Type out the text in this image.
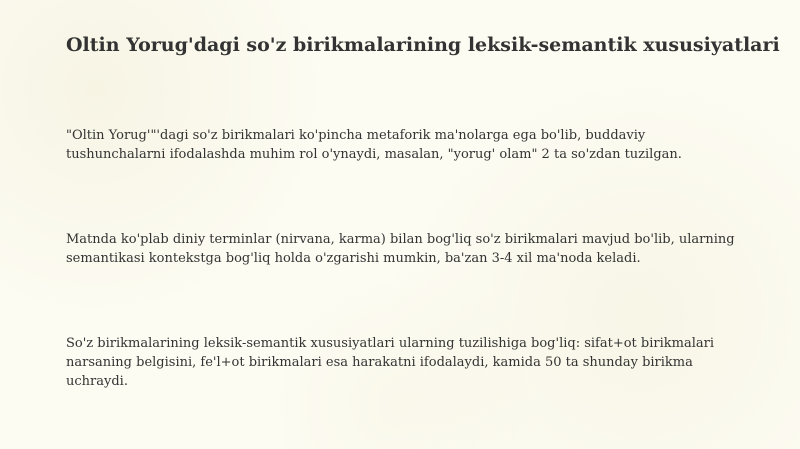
Oltin Yorug'dagi so'z birikmalarining leksik-semantik xususiyatlari

"Oltin Yorug'"'dagi so'z birikmalari ko'pincha metaforik ma'nolarga ega bo'lib, buddaviy tushunchalarni ifodalashda muhim rol o'ynaydi, masalan, "yorug' olam" 2 ta so'zdan tuzilgan.

Matnda ko'plab diniy terminlar (nirvana, karma) bilan bog'liq so'z birikmalari mavjud bo'lib, ularning semantikasi kontekstga bog'liq holda o'zgarishi mumkin, ba'zan 3-4 xil ma'noda keladi.

So'z birikmalarining leksik-semantik xususiyatlari ularning tuzilishiga bog'liq: sifat+ot birikmalari narsaning belgisini, fe'l+ot birikmalari esa harakatni ifodalaydi, kamida 50 ta shunday birikma uchraydi.
